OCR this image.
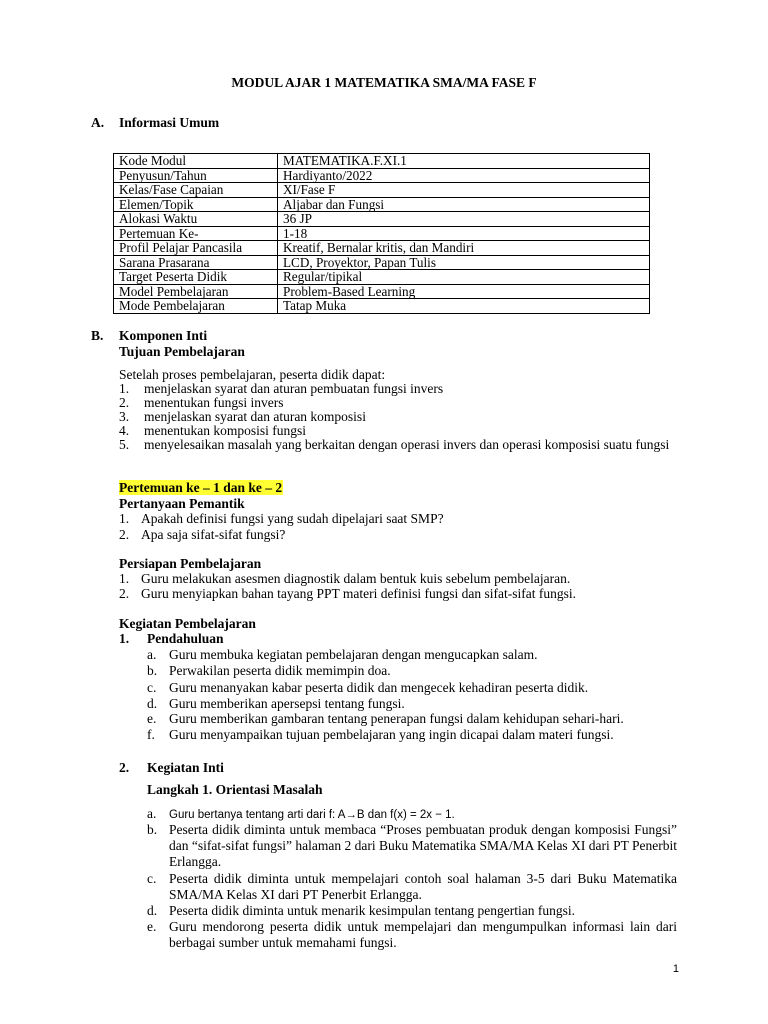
MODUL AJAR 1 MATEMATIKA SMA/MA FASE F
A. Informasi Umum
Kode Modul	MATEMATIKA.F.XI.1
Penyusun/Tahun	Hardiyanto/2022
Kelas/Fase Capaian	XI/Fase F
Elemen/Topik	Aljabar dan Fungsi
Alokasi Waktu	36 JP
Pertemuan Ke-	1-18
Profil Pelajar Pancasila	Kreatif, Bernalar kritis, dan Mandiri
Sarana Prasarana	LCD, Proyektor, Papan Tulis
Target Peserta Didik	Regular/tipikal
Model Pembelajaran	Problem-Based Learning
Mode Pembelajaran	Tatap Muka
B. Komponen Inti
Tujuan Pembelajaran
Setelah proses pembelajaran, peserta didik dapat:
1. menjelaskan syarat dan aturan pembuatan fungsi invers
2. menentukan fungsi invers
3. menjelaskan syarat dan aturan komposisi
4. menentukan komposisi fungsi
5.	menyelesaikan masalah yang berkaitan dengan operasi invers dan operasi komposisi suatu fungsi
Pertemuan ke – 1 dan ke – 2
Pertanyaan Pemantik
1. Apakah definisi fungsi yang sudah dipelajari saat SMP?
2. Apa saja sifat-sifat fungsi?
Persiapan Pembelajaran
1. Guru melakukan asesmen diagnostik dalam bentuk kuis sebelum pembelajaran.
2. Guru menyiapkan bahan tayang PPT materi definisi fungsi dan sifat-sifat fungsi.
Kegiatan Pembelajaran
1. Pendahuluan
a. Guru membuka kegiatan pembelajaran dengan mengucapkan salam.
b. Perwakilan peserta didik memimpin doa.
c. Guru menanyakan kabar peserta didik dan mengecek kehadiran peserta didik.
d. Guru memberikan apersepsi tentang fungsi.
e. Guru memberikan gambaran tentang penerapan fungsi dalam kehidupan sehari-hari.
f. Guru menyampaikan tujuan pembelajaran yang ingin dicapai dalam materi fungsi.
2. Kegiatan Inti
Langkah 1. Orientasi Masalah
a. Guru bertanya tentang arti dari f: A→B dan f(x) = 2x − 1.
b. Peserta didik diminta untuk membaca “Proses pembuatan produk dengan komposisi Fungsi” dan “sifat-sifat fungsi” halaman 2 dari Buku Matematika SMA/MA Kelas XI dari PT Penerbit Erlangga.
c. Peserta didik diminta untuk mempelajari contoh soal halaman 3-5 dari Buku Matematika SMA/MA Kelas XI dari PT Penerbit Erlangga.
d. Peserta didik diminta untuk menarik kesimpulan tentang pengertian fungsi.
e. Guru mendorong peserta didik untuk mempelajari dan mengumpulkan informasi lain dari berbagai sumber untuk memahami fungsi.
1
